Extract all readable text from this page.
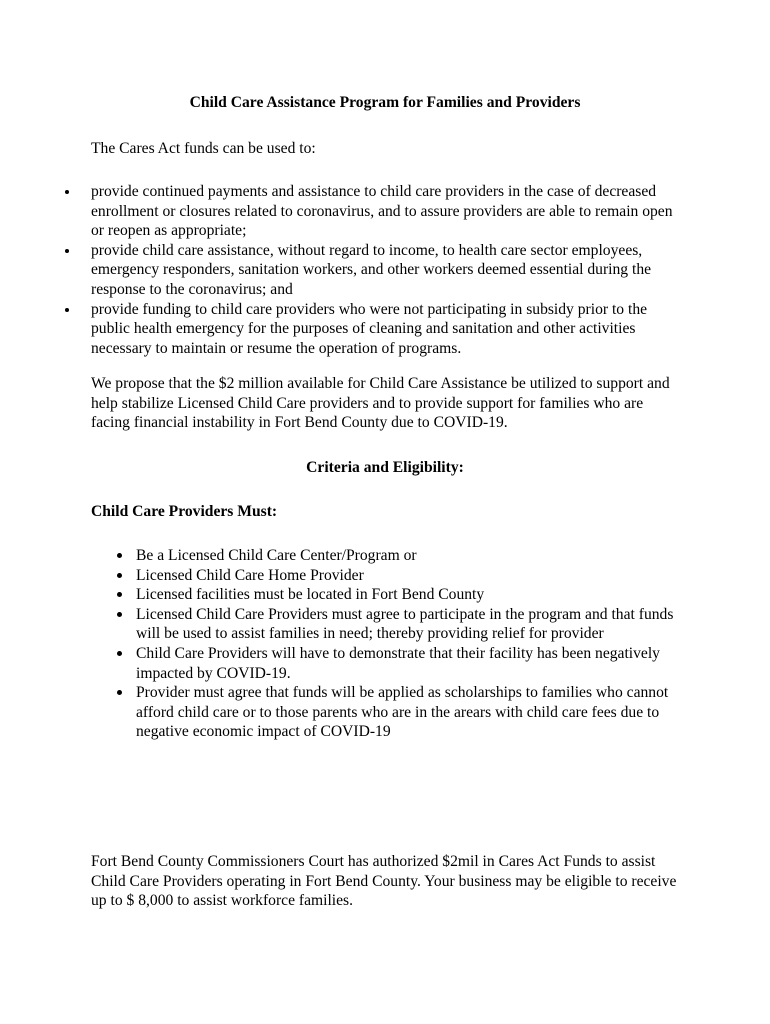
Child Care Assistance Program for Families and Providers

The Cares Act funds can be used to:

provide continued payments and assistance to child care providers in the case of decreased enrollment or closures related to coronavirus, and to assure providers are able to remain open or reopen as appropriate;
provide child care assistance, without regard to income, to health care sector employees, emergency responders, sanitation workers, and other workers deemed essential during the response to the coronavirus; and
provide funding to child care providers who were not participating in subsidy prior to the public health emergency for the purposes of cleaning and sanitation and other activities necessary to maintain or resume the operation of programs.

We propose that the $2 million available for Child Care Assistance be utilized to support and help stabilize Licensed Child Care providers and to provide support for families who are facing financial instability in Fort Bend County due to COVID-19.

Criteria and Eligibility:
Child Care Providers Must:
Be a Licensed Child Care Center/Program or
Licensed Child Care Home Provider
Licensed facilities must be located in Fort Bend County
Licensed Child Care Providers must agree to participate in the program and that funds will be used to assist families in need; thereby providing relief for provider
Child Care Providers will have to demonstrate that their facility has been negatively impacted by COVID-19.
Provider must agree that funds will be applied as scholarships to families who cannot afford child care or to those parents who are in the arears with child care fees due to negative economic impact of COVID-19

Fort Bend County Commissioners Court has authorized $2mil in Cares Act Funds to assist Child Care Providers operating in Fort Bend County. Your business may be eligible to receive up to $ 8,000 to assist workforce families.
